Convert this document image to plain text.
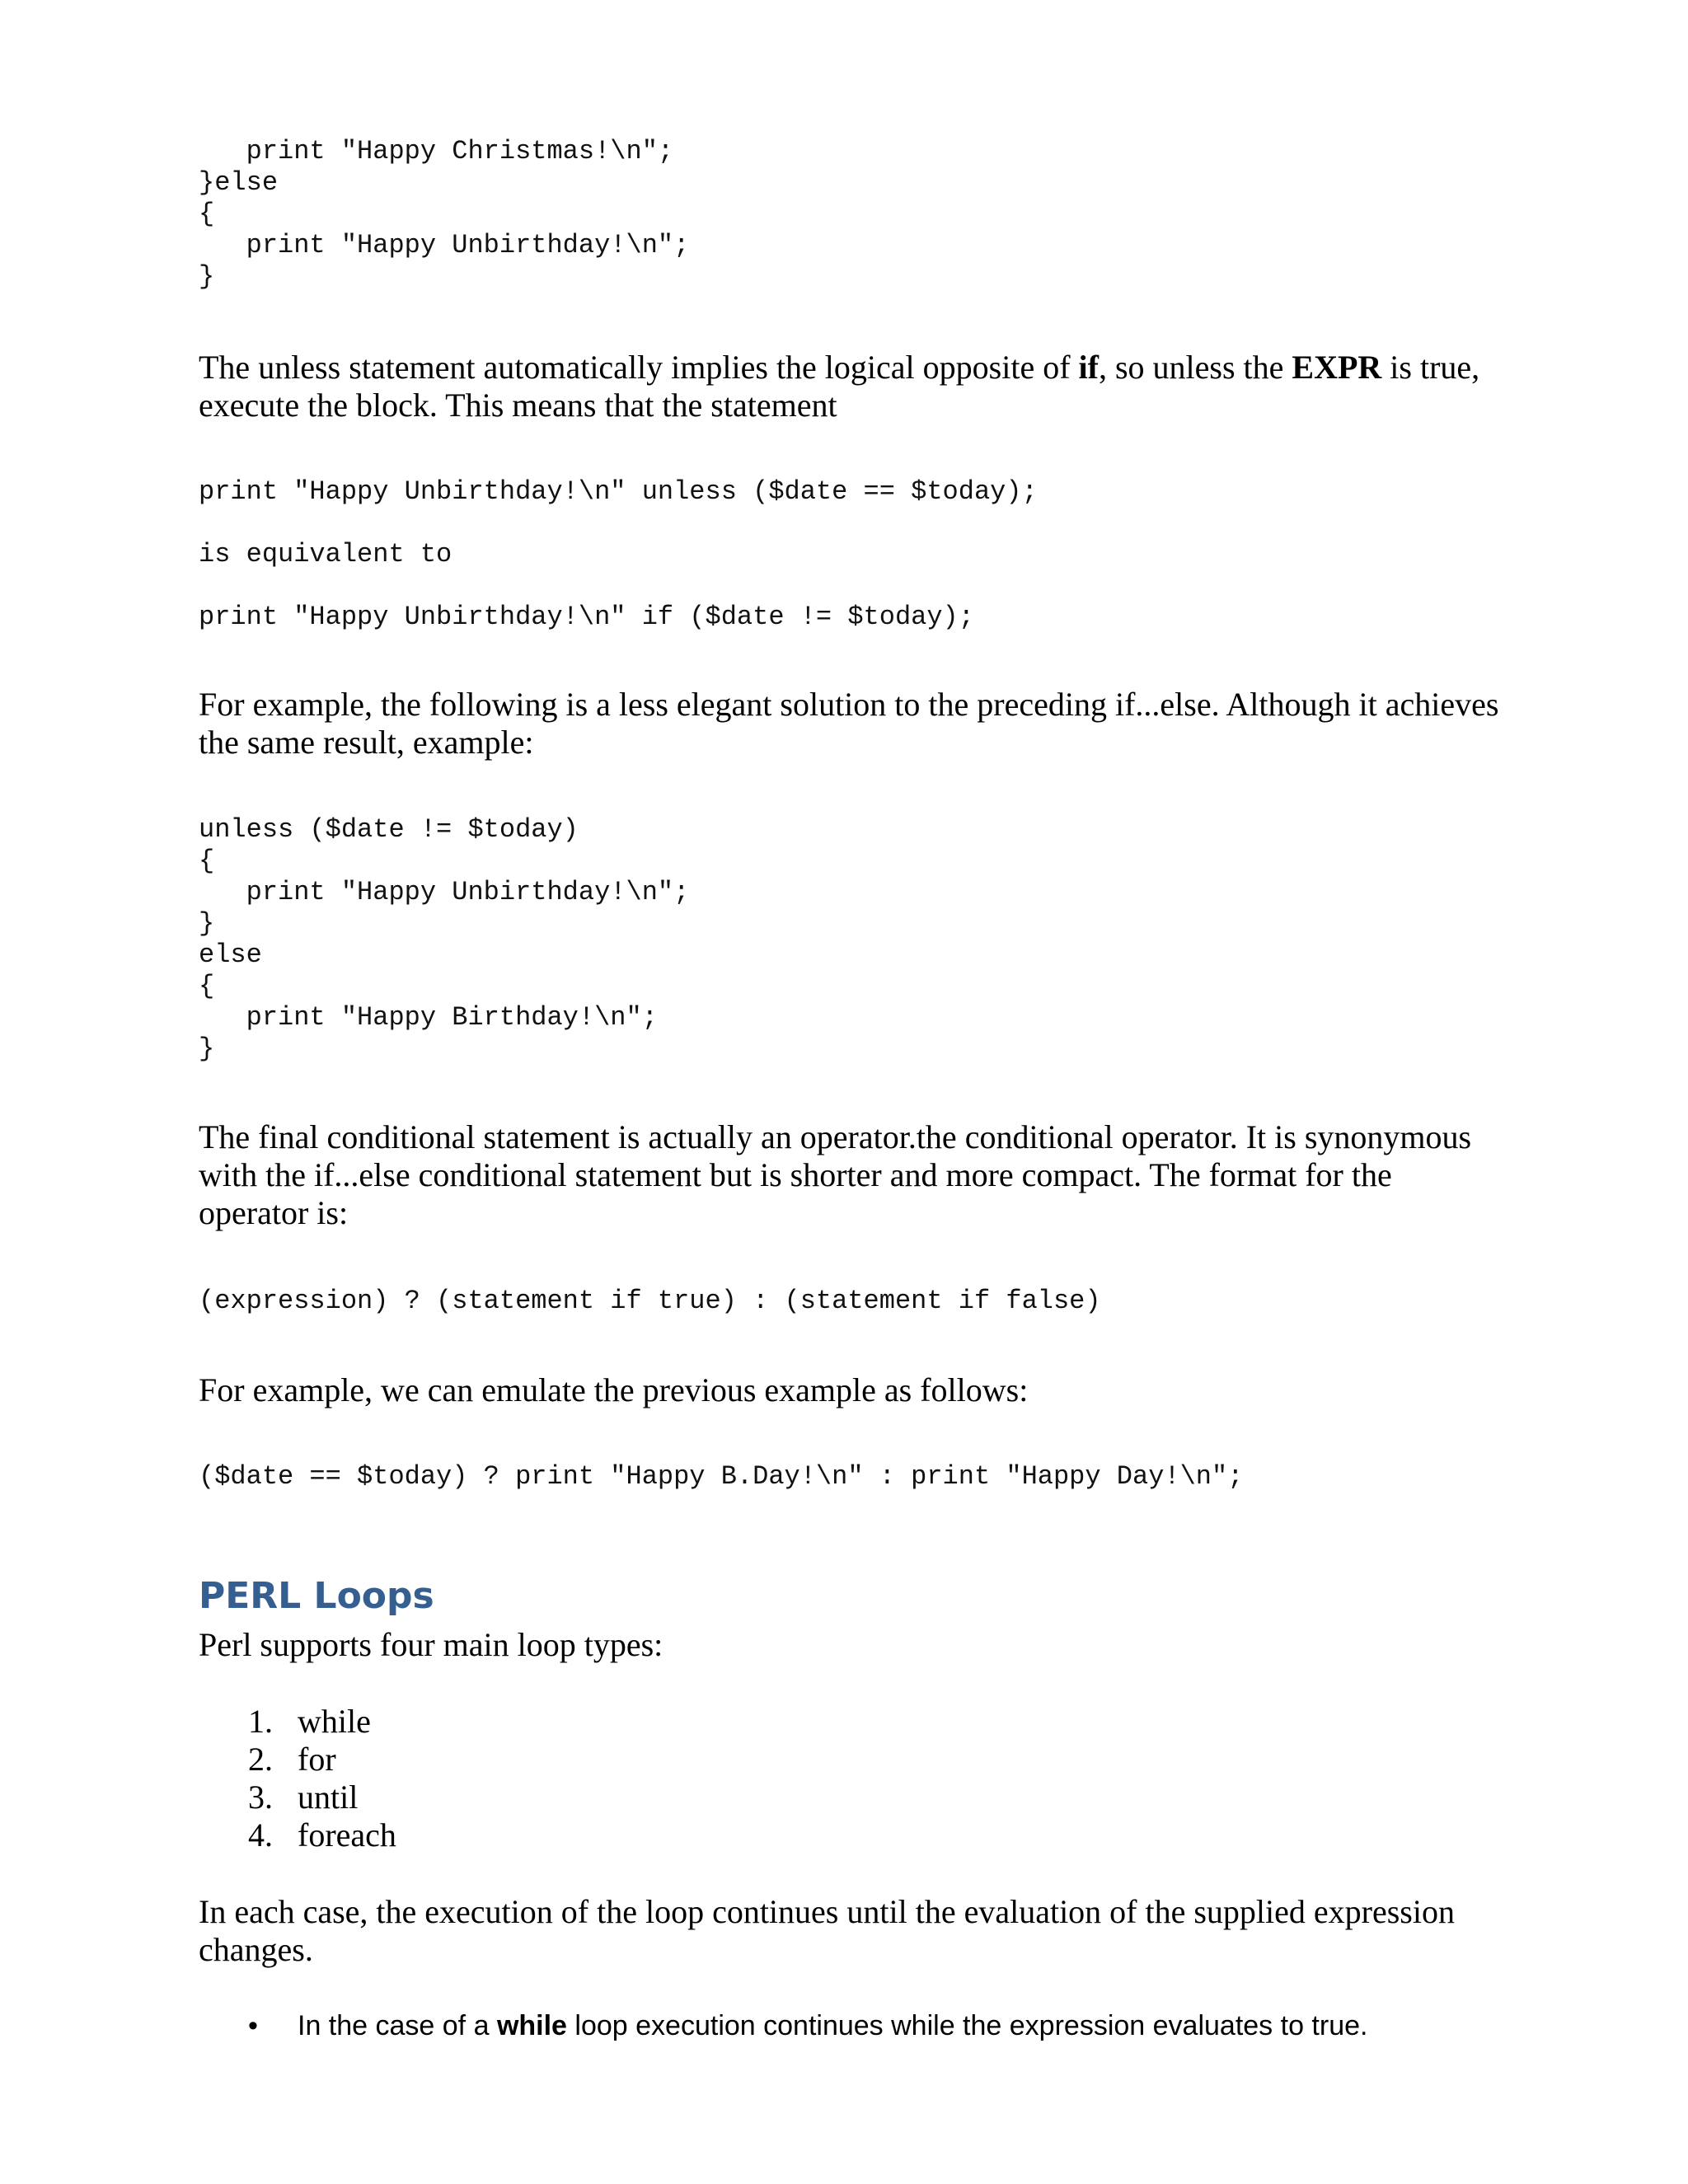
print "Happy Christmas!\n";
}else
{
print "Happy Unbirthday!\n";
}

The unless statement automatically implies the logical opposite of if, so unless the EXPR is true, execute the block. This means that the statement

print "Happy Unbirthday!\n" unless ($date == $today);
is equivalent to
print "Happy Unbirthday!\n" if ($date != $today);

For example, the following is a less elegant solution to the preceding if...else. Although it achieves the same result, example:

unless ($date != $today)
{
print "Happy Unbirthday!\n";
}
else
{
print "Happy Birthday!\n";
}

The final conditional statement is actually an operator.the conditional operator. It is synonymous with the if...else conditional statement but is shorter and more compact. The format for the operator is:

(expression) ? (statement if true) : (statement if false)

For example, we can emulate the previous example as follows:

($date == $today) ? print "Happy B.Day!\n" : print "Happy Day!\n";
PERL Loops

Perl supports four main loop types:

1. while
2. for
3. until
4. foreach

In each case, the execution of the loop continues until the evaluation of the supplied expression changes.

• In the case of a while loop execution continues while the expression evaluates to true.
